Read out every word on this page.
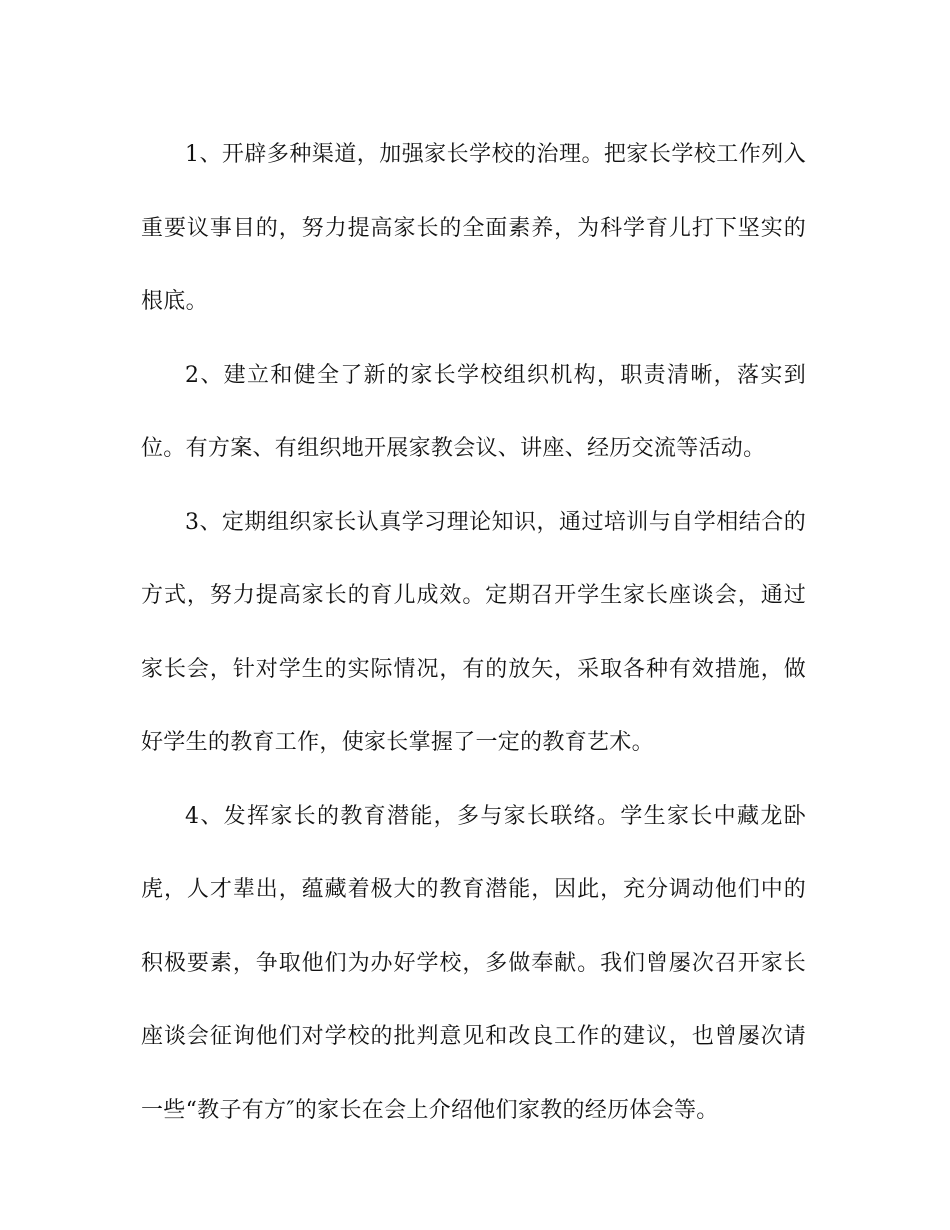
1、开辟多种渠道，加强家长学校的治理。把家长学校工作列入重要议事目的，努力提高家长的全面素养，为科学育儿打下坚实的根底。

2、建立和健全了新的家长学校组织机构，职责清晰，落实到位。有方案、有组织地开展家教会议、讲座、经历交流等活动。

3、定期组织家长认真学习理论知识，通过培训与自学相结合的方式，努力提高家长的育儿成效。定期召开学生家长座谈会，通过家长会，针对学生的实际情况，有的放矢，采取各种有效措施，做好学生的教育工作，使家长掌握了一定的教育艺术。

4、发挥家长的教育潜能，多与家长联络。学生家长中藏龙卧虎，人才辈出，蕴藏着极大的教育潜能，因此，充分调动他们中的积极要素，争取他们为办好学校，多做奉献。我们曾屡次召开家长座谈会征询他们对学校的批判意见和改良工作的建议，也曾屡次请一些“教子有方″的家长在会上介绍他们家教的经历体会等。
